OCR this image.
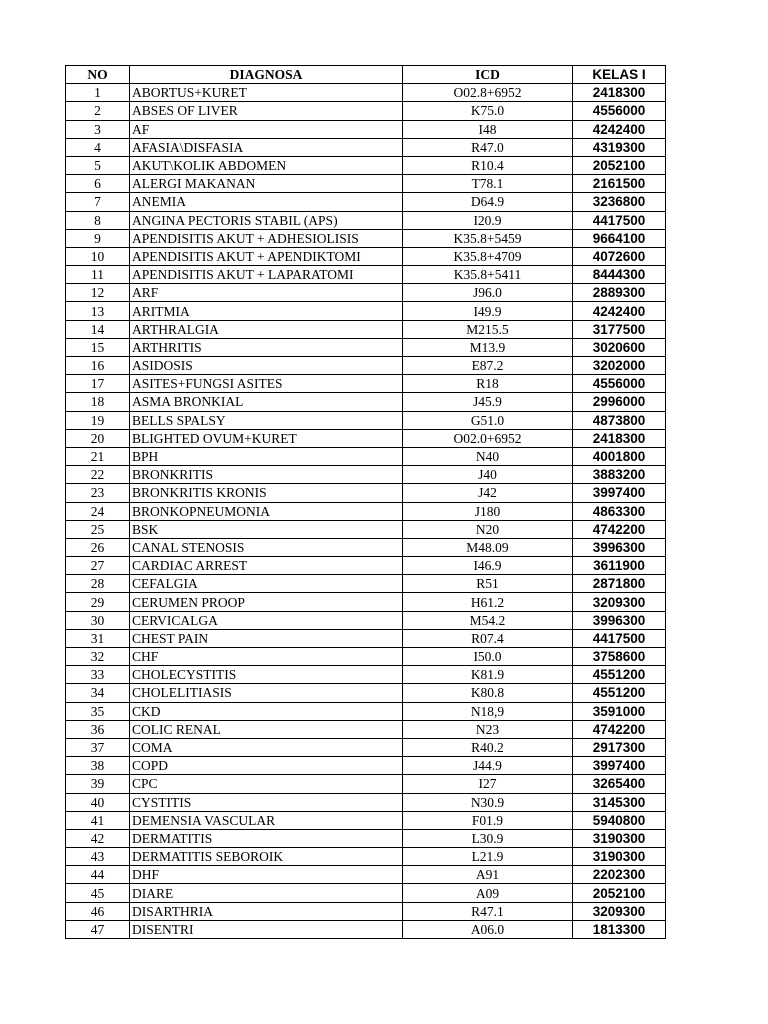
NO	DIAGNOSA	ICD	KELAS I
1	ABORTUS+KURET	O02.8+6952	2418300
2	ABSES OF LIVER	K75.0	4556000
3	AF	I48	4242400
4	AFASIA\DISFASIA	R47.0	4319300
5	AKUT\KOLIK ABDOMEN	R10.4	2052100
6	ALERGI MAKANAN	T78.1	2161500
7	ANEMIA	D64.9	3236800
8	ANGINA PECTORIS STABIL (APS)	I20.9	4417500
9	APENDISITIS AKUT + ADHESIOLISIS	K35.8+5459	9664100
10	APENDISITIS AKUT + APENDIKTOMI	K35.8+4709	4072600
11	APENDISITIS AKUT + LAPARATOMI	K35.8+5411	8444300
12	ARF	J96.0	2889300
13	ARITMIA	I49.9	4242400
14	ARTHRALGIA	M215.5	3177500
15	ARTHRITIS	M13.9	3020600
16	ASIDOSIS	E87.2	3202000
17	ASITES+FUNGSI ASITES	R18	4556000
18	ASMA BRONKIAL	J45.9	2996000
19	BELLS SPALSY	G51.0	4873800
20	BLIGHTED OVUM+KURET	O02.0+6952	2418300
21	BPH	N40	4001800
22	BRONKRITIS	J40	3883200
23	BRONKRITIS KRONIS	J42	3997400
24	BRONKOPNEUMONIA	J180	4863300
25	BSK	N20	4742200
26	CANAL STENOSIS	M48.09	3996300
27	CARDIAC ARREST	I46.9	3611900
28	CEFALGIA	R51	2871800
29	CERUMEN PROOP	H61.2	3209300
30	CERVICALGA	M54.2	3996300
31	CHEST PAIN	R07.4	4417500
32	CHF	I50.0	3758600
33	CHOLECYSTITIS	K81.9	4551200
34	CHOLELITIASIS	K80.8	4551200
35	CKD	N18,9	3591000
36	COLIC RENAL	N23	4742200
37	COMA	R40.2	2917300
38	COPD	J44.9	3997400
39	CPC	I27	3265400
40	CYSTITIS	N30.9	3145300
41	DEMENSIA VASCULAR	F01.9	5940800
42	DERMATITIS	L30.9	3190300
43	DERMATITIS SEBOROIK	L21.9	3190300
44	DHF	A91	2202300
45	DIARE	A09	2052100
46	DISARTHRIA	R47.1	3209300
47	DISENTRI	A06.0	1813300
